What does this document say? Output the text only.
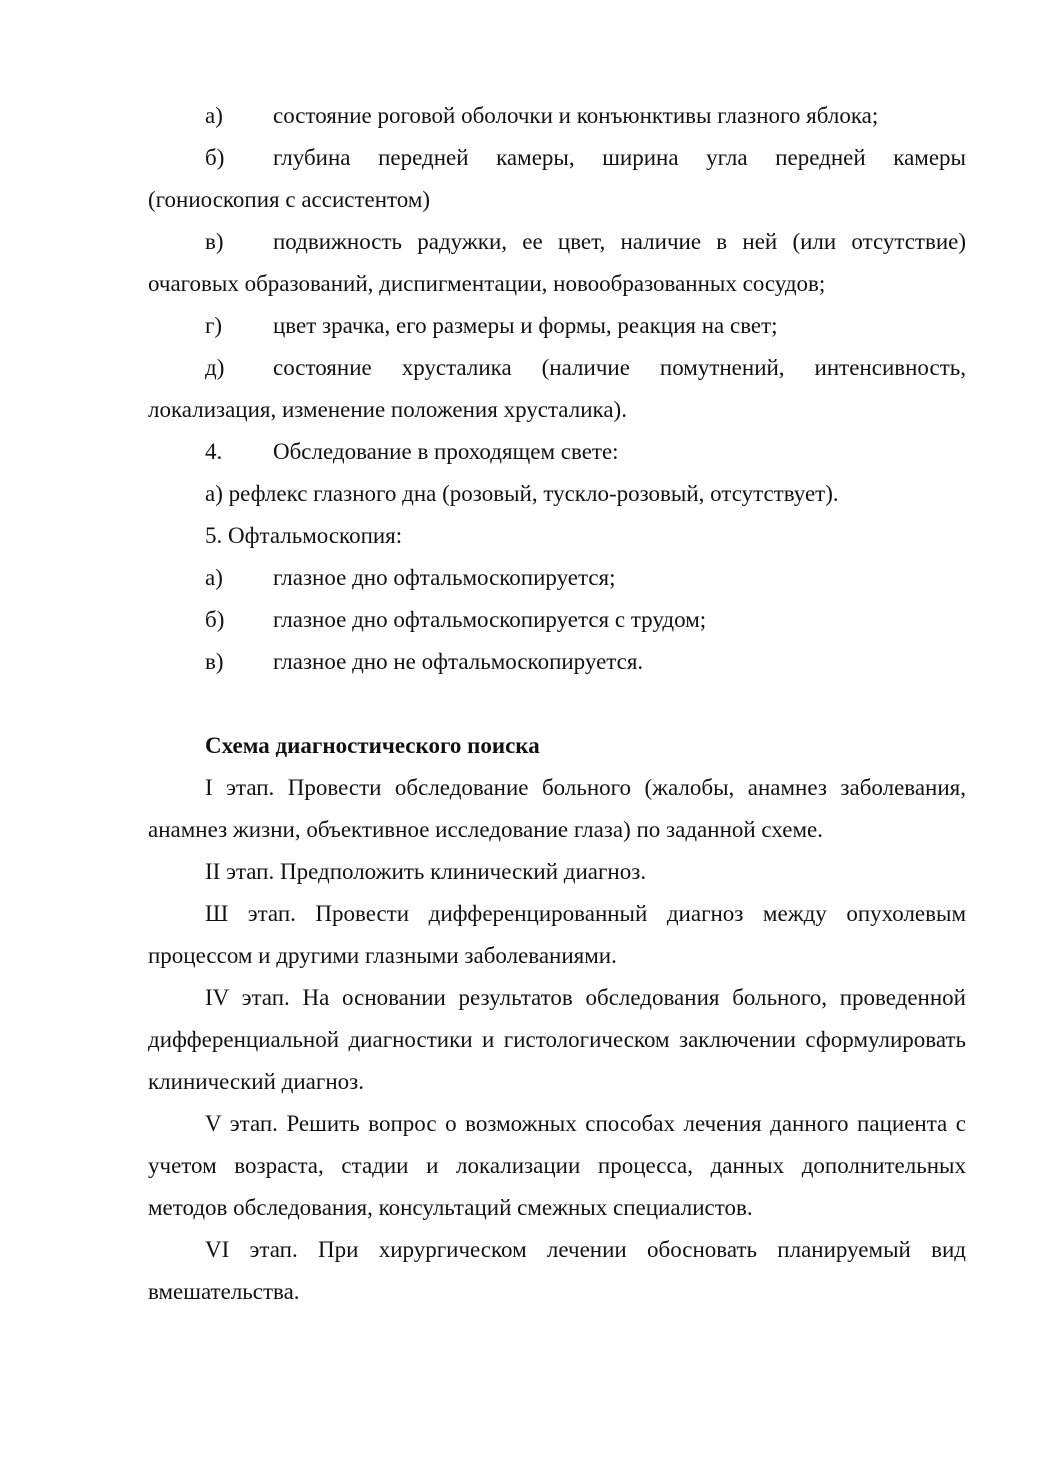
а)	состояние роговой оболочки и конъюнктивы глазного яблока;
б) глубина передней камеры, ширина угла передней камеры (гониоскопия с ассистентом)
в) подвижность радужки, ее цвет, наличие в ней (или отсутствие) очаговых образований, диспигментации, новообразованных сосудов;
г)	цвет зрачка, его размеры и формы, реакция на свет;
д) состояние хрусталика (наличие помутнений, интенсивность, локализация, изменение положения хрусталика).
4.	Обследование в проходящем свете:
а) рефлекс глазного дна (розовый, тускло-розовый, отсутствует).
5. Офтальмоскопия:
а)	глазное дно офтальмоскопируется;
б)	глазное дно офтальмоскопируется с трудом;
в)	глазное дно не офтальмоскопируется.
Схема диагностического поиска
I этап. Провести обследование больного (жалобы, анамнез заболевания, анамнез жизни, объективное исследование глаза) по заданной схеме.
II этап. Предположить клинический диагноз.
Ш этап. Провести дифференцированный диагноз между опухолевым процессом и другими глазными заболеваниями.
IV этап. На основании результатов обследования больного, проведенной дифференциальной диагностики и гистологическом заключении сформулировать клинический диагноз.
V этап. Решить вопрос о возможных способах лечения данного пациента с учетом возраста, стадии и локализации процесса, данных дополнительных методов обследования, консультаций смежных специалистов.
VI этап. При хирургическом лечении обосновать планируемый вид вмешательства.
